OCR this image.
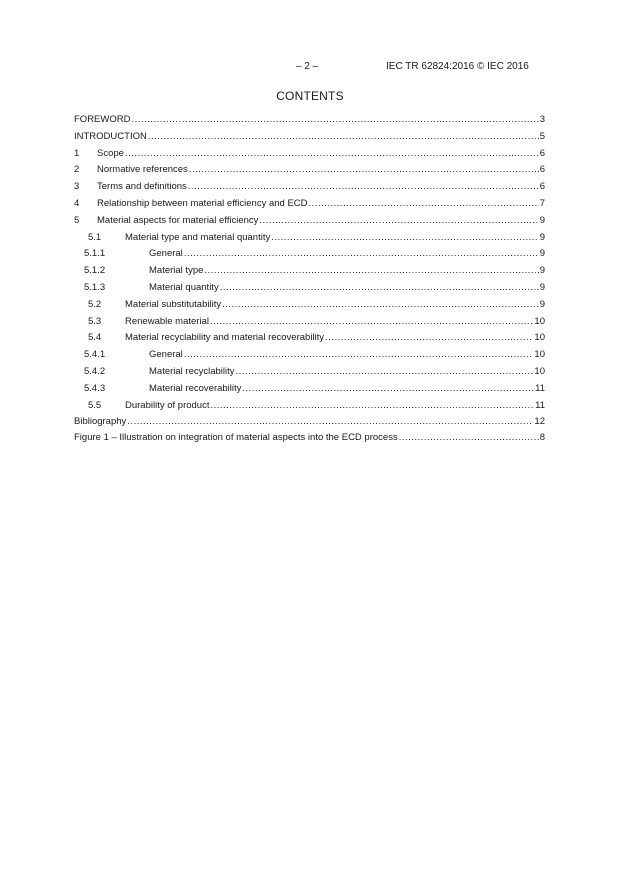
– 2 –	IEC TR 62824:2016 © IEC 2016
CONTENTS
FOREWORD .....	3
INTRODUCTION .....	5
1	Scope .....	6
2	Normative references .....	6
3	Terms and definitions .....	6
4	Relationship between material efficiency and ECD .....	7
5	Material aspects for material efficiency .....	9
5.1	Material type and material quantity .....	9
5.1.1	General .....	9
5.1.2	Material type .....	9
5.1.3	Material quantity .....	9
5.2	Material substitutability .....	9
5.3	Renewable material .....	10
5.4	Material recyclability and material recoverability .....	10
5.4.1	General .....	10
5.4.2	Material recyclability .....	10
5.4.3	Material recoverability .....	11
5.5	Durability of product .....	11
Bibliography .....	12
Figure 1 – Illustration on integration of material aspects into the ECD process .....	8
